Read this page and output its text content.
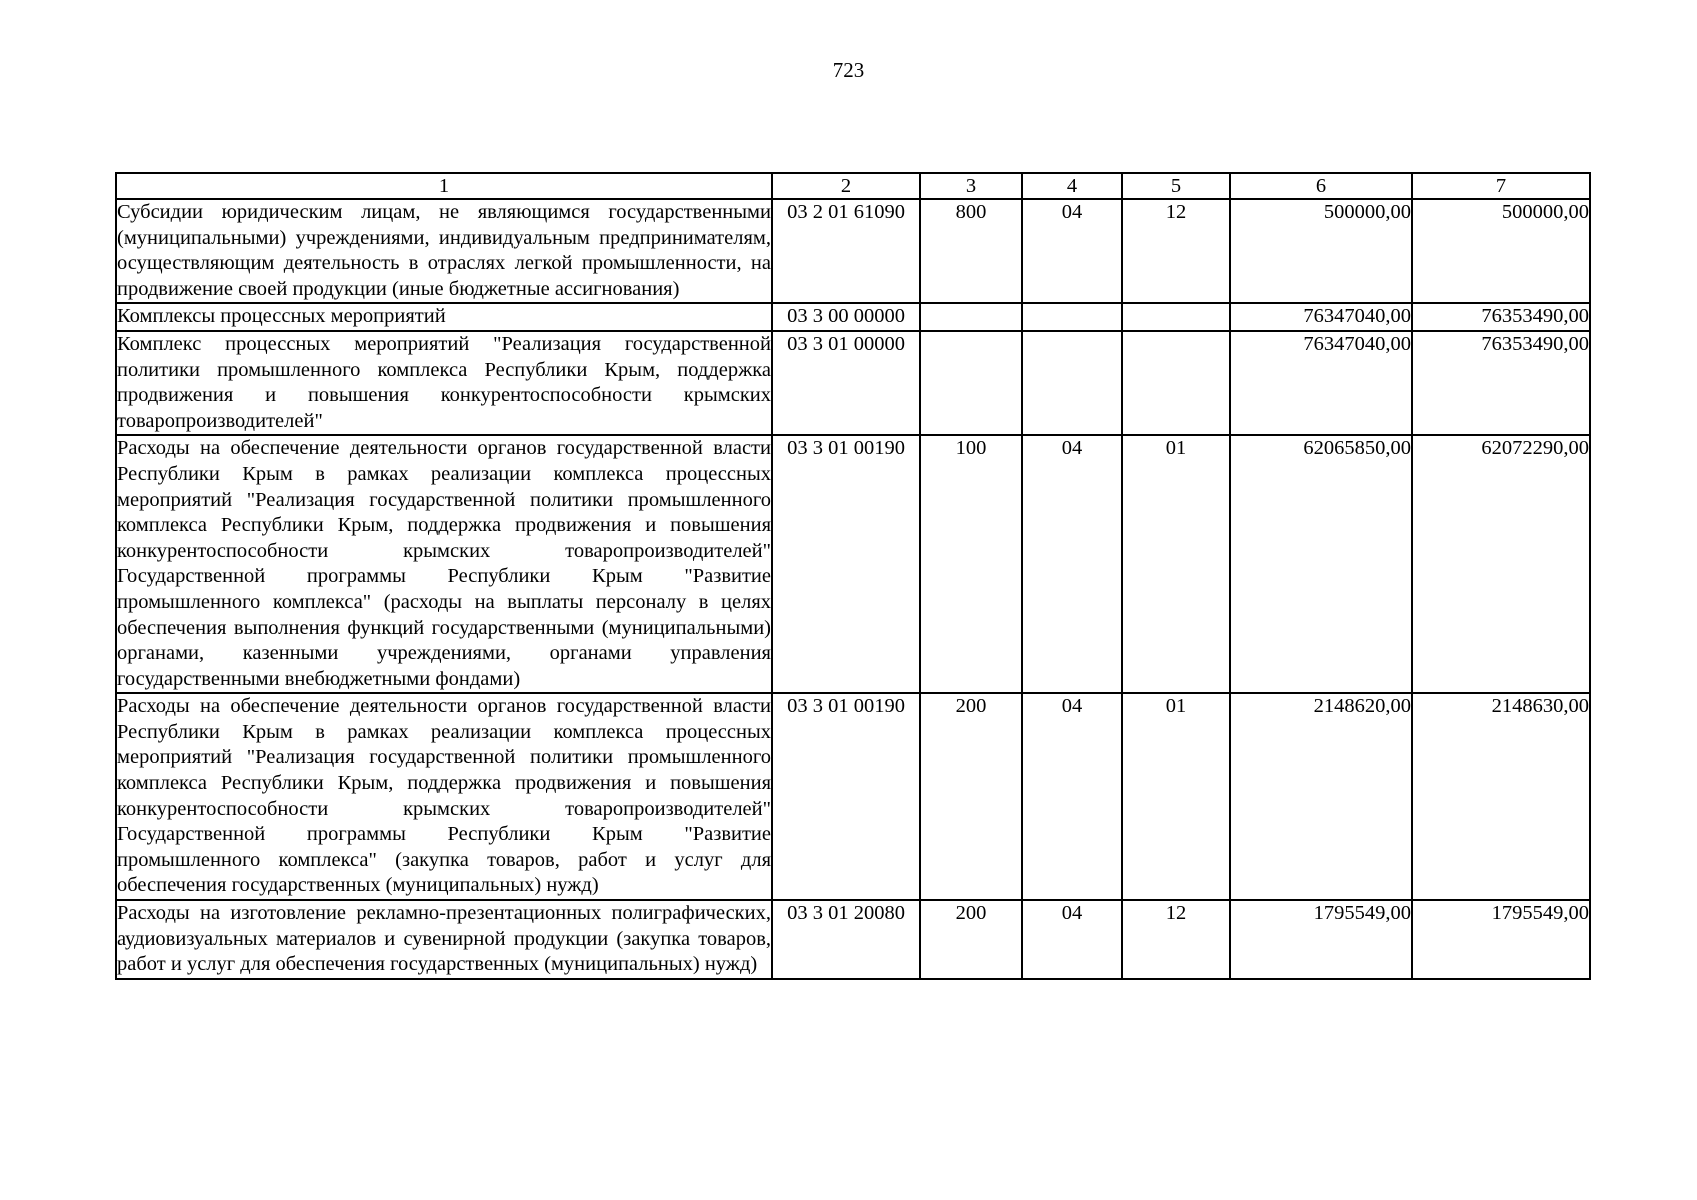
723
1	2	3	4	5	6	7
Субсидии юридическим лицам, не являющимся государственными (муниципальными) учреждениями, индивидуальным предпринимателям, осуществляющим деятельность в отраслях легкой промышленности, на продвижение своей продукции (иные бюджетные ассигнования)	03 2 01 61090	800	04	12	500000,00	500000,00
Комплексы процессных мероприятий	03 3 00 00000				76347040,00	76353490,00
Комплекс процессных мероприятий "Реализация государственной политики промышленного комплекса Республики Крым, поддержка продвижения и повышения конкурентоспособности крымских товаропроизводителей"	03 3 01 00000				76347040,00	76353490,00
Расходы на обеспечение деятельности органов государственной власти Республики Крым в рамках реализации комплекса процессных мероприятий "Реализация государственной политики промышленного комплекса Республики Крым, поддержка продвижения и повышения конкурентоспособности крымских товаропроизводителей" Государственной программы Республики Крым "Развитие промышленного комплекса" (расходы на выплаты персоналу в целях обеспечения выполнения функций государственными (муниципальными) органами, казенными учреждениями, органами управления государственными внебюджетными фондами)	03 3 01 00190	100	04	01	62065850,00	62072290,00
Расходы на обеспечение деятельности органов государственной власти Республики Крым в рамках реализации комплекса процессных мероприятий "Реализация государственной политики промышленного комплекса Республики Крым, поддержка продвижения и повышения конкурентоспособности крымских товаропроизводителей" Государственной программы Республики Крым "Развитие промышленного комплекса" (закупка товаров, работ и услуг для обеспечения государственных (муниципальных) нужд)	03 3 01 00190	200	04	01	2148620,00	2148630,00
Расходы на изготовление рекламно-презентационных полиграфических, аудиовизуальных материалов и сувенирной продукции (закупка товаров, работ и услуг для обеспечения государственных (муниципальных) нужд)	03 3 01 20080	200	04	12	1795549,00	1795549,00
